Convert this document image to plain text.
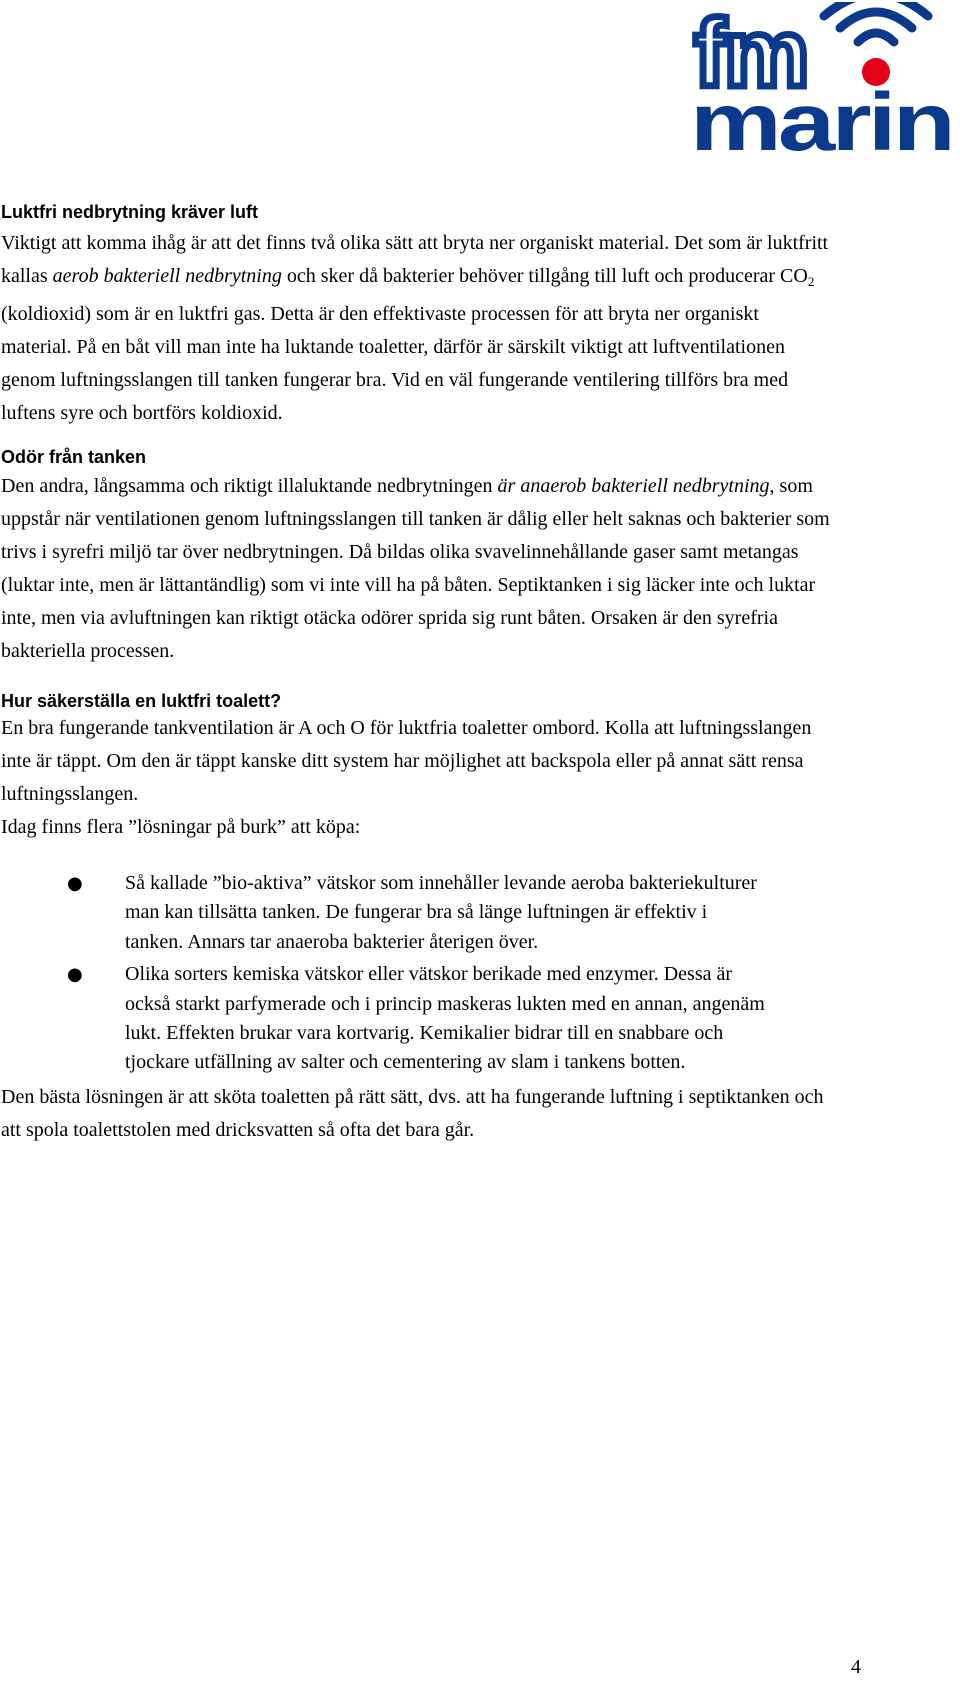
fm
marin
Luktfri nedbrytning kräver luft

Viktigt att komma ihåg är att det finns två olika sätt att bryta ner organiskt material. Det som är luktfritt kallas aerob bakteriell nedbrytning och sker då bakterier behöver tillgång till luft och producerar $CO_2$ (koldioxid) som är en luktfri gas. Detta är den effektivaste processen för att bryta ner organiskt material. På en båt vill man inte ha luktande toaletter, därför är särskilt viktigt att luftventilationen genom luftningsslangen till tanken fungerar bra. Vid en väl fungerande ventilering tillförs bra med luftens syre och bortförs koldioxid.

Odör från tanken

Den andra, långsamma och riktigt illaluktande nedbrytningen är anaerob bakteriell nedbrytning, som uppstår när ventilationen genom luftningsslangen till tanken är dålig eller helt saknas och bakterier som trivs i syrefri miljö tar över nedbrytningen. Då bildas olika svavelinnehållande gaser samt metangas (luktar inte, men är lättantändlig) som vi inte vill ha på båten. Septiktanken i sig läcker inte och luktar inte, men via avluftningen kan riktigt otäcka odörer sprida sig runt båten. Orsaken är den syrefria bakteriella processen.

Hur säkerställa en luktfri toalett?

En bra fungerande tankventilation är A och O för luktfria toaletter ombord. Kolla att luftningsslangen inte är täppt. Om den är täppt kanske ditt system har möjlighet att backspola eller på annat sätt rensa luftningsslangen.

Idag finns flera ”lösningar på burk” att köpa:

● Så kallade ”bio-aktiva” vätskor som innehåller levande aeroba bakteriekulturer man kan tillsätta tanken. De fungerar bra så länge luftningen är effektiv i tanken. Annars tar anaeroba bakterier återigen över.
● Olika sorters kemiska vätskor eller vätskor berikade med enzymer. Dessa är också starkt parfymerade och i princip maskeras lukten med en annan, angenäm lukt. Effekten brukar vara kortvarig. Kemikalier bidrar till en snabbare och tjockare utfällning av salter och cementering av slam i tankens botten.

Den bästa lösningen är att sköta toaletten på rätt sätt, dvs. att ha fungerande luftning i septiktanken och att spola toalettstolen med dricksvatten så ofta det bara går.

4
